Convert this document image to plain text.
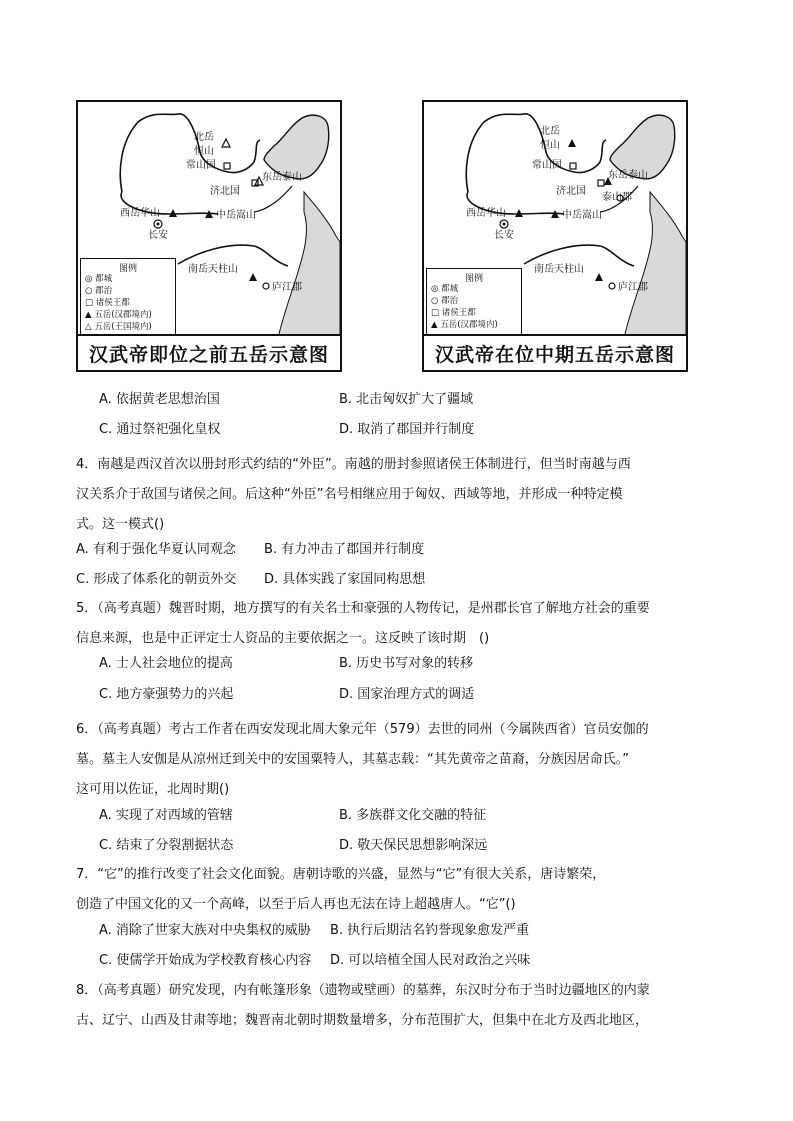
北岳
恒山
常山国
济北国
东岳泰山
西岳华山	中岳嵩山
长安
南岳天柱山
庐江郡
图例
◎ 都城
○ 郡治
□ 诸侯王都
▲ 五岳(汉郡境内)
△ 五岳(王国境内)
汉武帝即位之前五岳示意图
北岳
恒山
常山国
济北国
东岳泰山
泰山郡
西岳华山	中岳嵩山
长安
南岳天柱山
庐江郡
图例
◎ 都城
○ 郡治
□ 诸侯王都
▲ 五岳(汉郡境内)
汉武帝在位中期五岳示意图
A. 依据黄老思想治国	B. 北击匈奴扩大了疆域
C. 通过祭祀强化皇权	D. 取消了郡国并行制度
4．南越是西汉首次以册封形式约结的“外臣”。南越的册封参照诸侯王体制进行，但当时南越与西
汉关系介于敌国与诸侯之间。后这种“外臣”名号相继应用于匈奴、西域等地，并形成一种特定模
式。这一模式()
A. 有利于强化华夏认同观念 B. 有力冲击了郡国并行制度
C. 形成了体系化的朝贡外交 D. 具体实践了家国同构思想
5．（高考真题）魏晋时期，地方撰写的有关名士和豪强的人物传记，是州郡长官了解地方社会的重要
信息来源，也是中正评定士人资品的主要依据之一。这反映了该时期　()
A. 士人社会地位的提高	B. 历史书写对象的转移
C. 地方豪强势力的兴起	D. 国家治理方式的调适
6．（高考真题）考古工作者在西安发现北周大象元年（579）去世的同州（今属陕西省）官员安伽的
墓。墓主人安伽是从凉州迁到关中的安国粟特人，其墓志载：“其先黄帝之苗裔，分族因居命氏。”
这可用以佐证，北周时期()
A. 实现了对西域的管辖	B. 多族群文化交融的特征
C. 结束了分裂割据状态	D. 敬天保民思想影响深远
7．“它”的推行改变了社会文化面貌。唐朝诗歌的兴盛，显然与“它”有很大关系，唐诗繁荣，
创造了中国文化的又一个高峰，以至于后人再也无法在诗上超越唐人。“它”()
A. 消除了世家大族对中央集权的威胁 B. 执行后期沽名钓誉现象愈发严重
C. 使儒学开始成为学校教育核心内容 D. 可以培植全国人民对政治之兴味
8．（高考真题）研究发现，内有帐篷形象（遗物或壁画）的墓葬，东汉时分布于当时边疆地区的内蒙
古、辽宁、山西及甘肃等地；魏晋南北朝时期数量增多，分布范围扩大，但集中在北方及西北地区，
